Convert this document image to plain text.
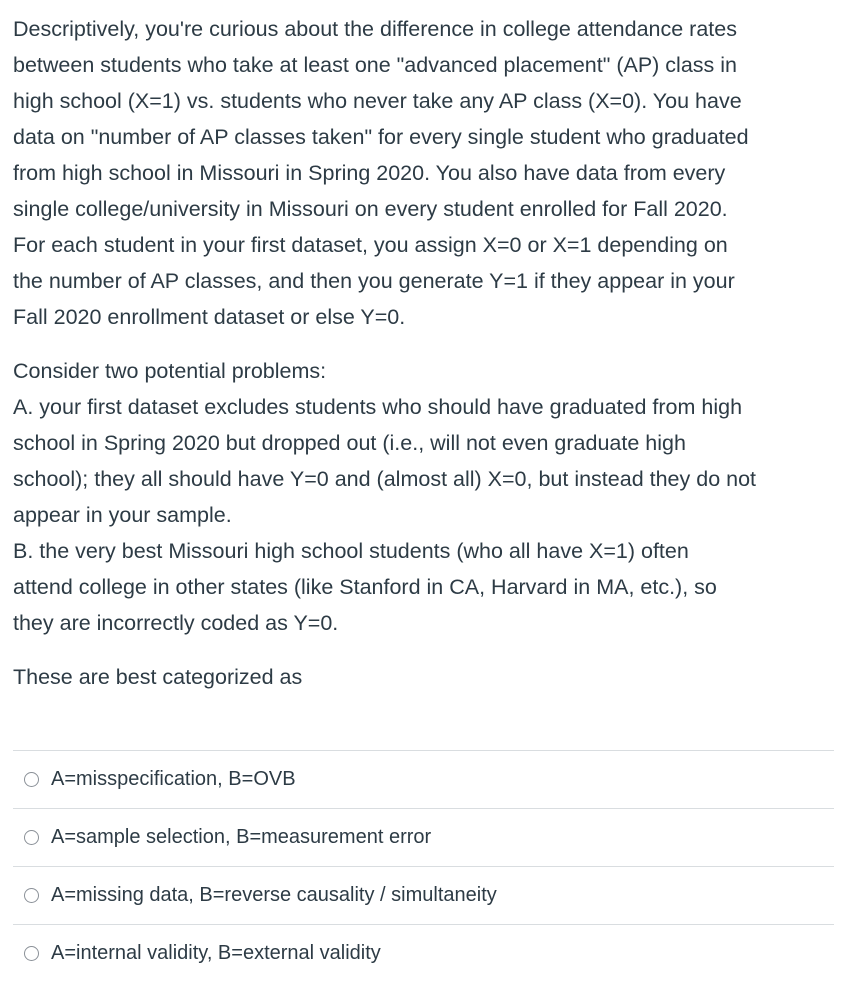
Descriptively, you're curious about the difference in college attendance rates
between students who take at least one "advanced placement" (AP) class in
high school (X=1) vs. students who never take any AP class (X=0). You have
data on "number of AP classes taken" for every single student who graduated
from high school in Missouri in Spring 2020. You also have data from every
single college/university in Missouri on every student enrolled for Fall 2020.
For each student in your first dataset, you assign X=0 or X=1 depending on
the number of AP classes, and then you generate Y=1 if they appear in your
Fall 2020 enrollment dataset or else Y=0.

Consider two potential problems:
A. your first dataset excludes students who should have graduated from high
school in Spring 2020 but dropped out (i.e., will not even graduate high
school); they all should have Y=0 and (almost all) X=0, but instead they do not
appear in your sample.
B. the very best Missouri high school students (who all have X=1) often
attend college in other states (like Stanford in CA, Harvard in MA, etc.), so
they are incorrectly coded as Y=0.

These are best categorized as

A=misspecification, B=OVB
A=sample selection, B=measurement error
A=missing data, B=reverse causality / simultaneity
A=internal validity, B=external validity
